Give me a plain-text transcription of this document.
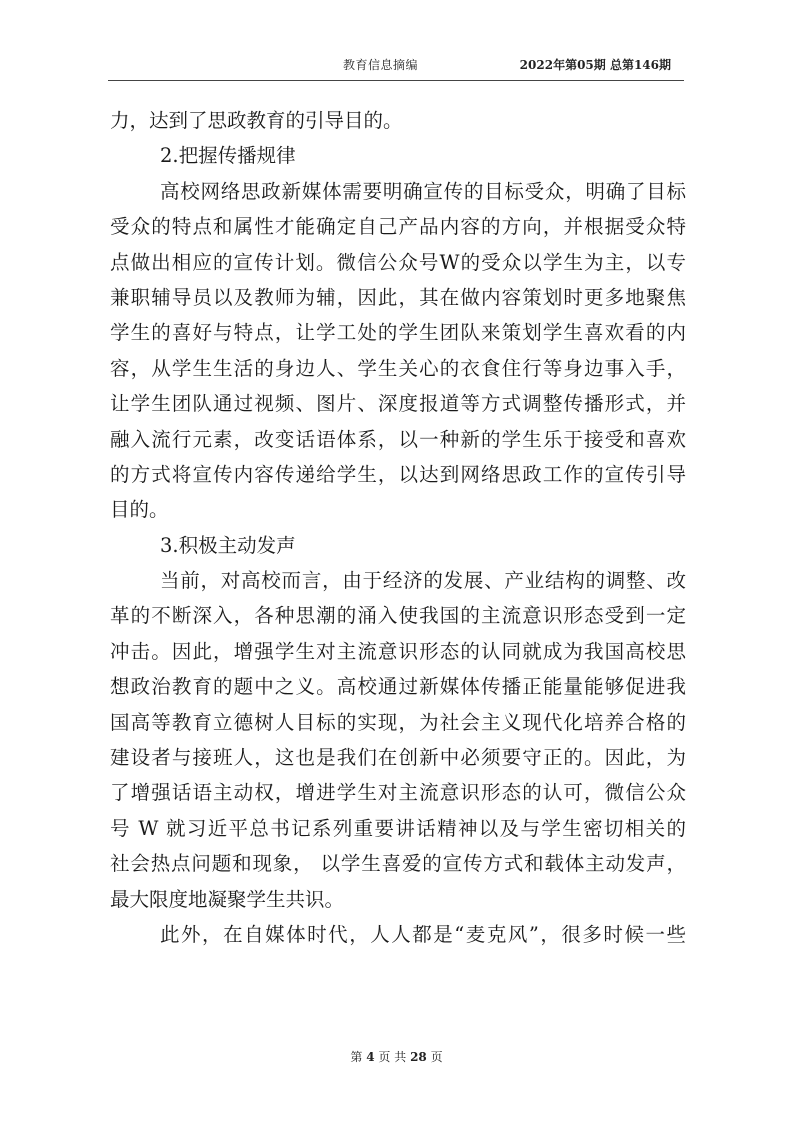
教育信息摘编	2022年第05期 总第146期
力，达到了思政教育的引导目的。
2.把握传播规律
高校网络思政新媒体需要明确宣传的目标受众，明确了目标
受众的特点和属性才能确定自己产品内容的方向，并根据受众特
点做出相应的宣传计划。微信公众号W的受众以学生为主，以专
兼职辅导员以及教师为辅，因此，其在做内容策划时更多地聚焦
学生的喜好与特点，让学工处的学生团队来策划学生喜欢看的内
容，从学生生活的身边人、学生关心的衣食住行等身边事入手，
让学生团队通过视频、图片、深度报道等方式调整传播形式，并
融入流行元素，改变话语体系，以一种新的学生乐于接受和喜欢
的方式将宣传内容传递给学生，以达到网络思政工作的宣传引导
目的。
3.积极主动发声
当前，对高校而言，由于经济的发展、产业结构的调整、改
革的不断深入，各种思潮的涌入使我国的主流意识形态受到一定
冲击。因此，增强学生对主流意识形态的认同就成为我国高校思
想政治教育的题中之义。高校通过新媒体传播正能量能够促进我
国高等教育立德树人目标的实现，为社会主义现代化培养合格的
建设者与接班人，这也是我们在创新中必须要守正的。因此，为
了增强话语主动权，增进学生对主流意识形态的认可，微信公众
号 W 就习近平总书记系列重要讲话精神以及与学生密切相关的
社会热点问题和现象， 以学生喜爱的宣传方式和载体主动发声，
最大限度地凝聚学生共识。
此外，在自媒体时代，人人都是“麦克风”，很多时候一些
第 4 页 共 28 页
